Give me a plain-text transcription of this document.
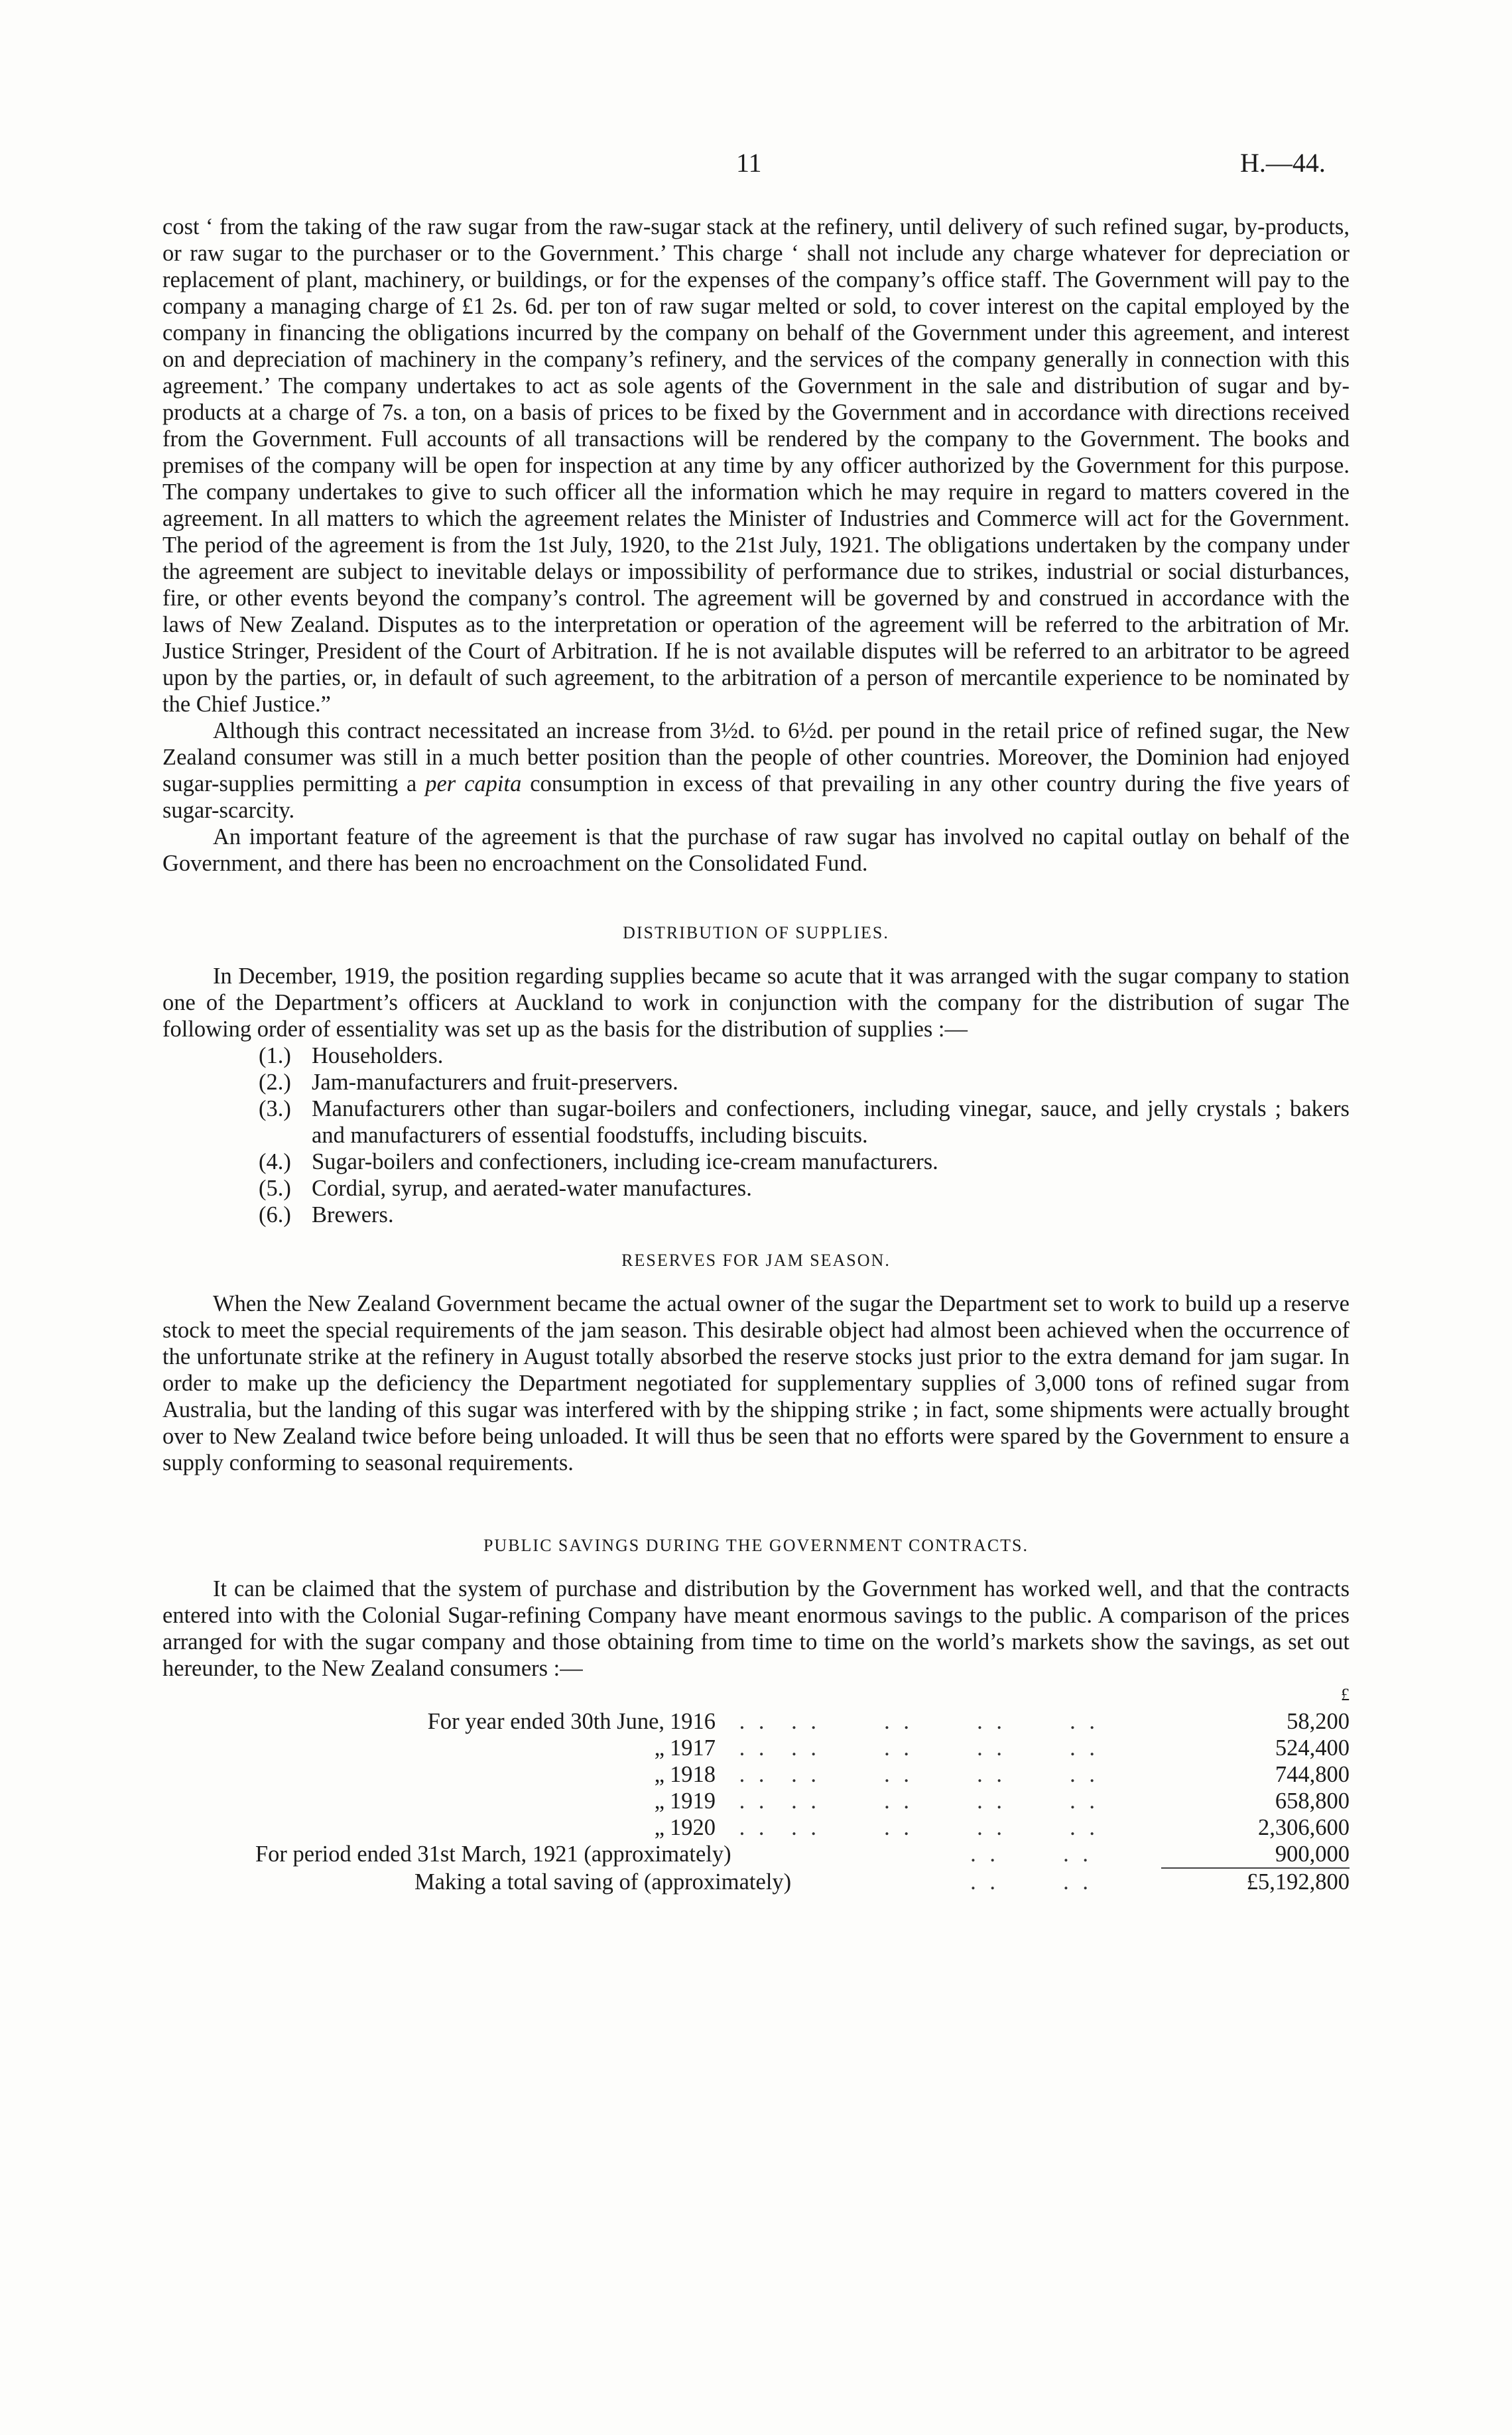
11	H.—44.

cost ‘ from the taking of the raw sugar from the raw-sugar stack at the refinery, until delivery of such refined sugar, by-products, or raw sugar to the purchaser or to the Government.’ This charge ‘ shall not include any charge whatever for depreciation or replacement of plant, machinery, or buildings, or for the expenses of the company’s office staff. The Government will pay to the company a managing charge of £1 2s. 6d. per ton of raw sugar melted or sold, to cover interest on the capital employed by the company in financing the obligations incurred by the company on behalf of the Government under this agreement, and interest on and depreciation of machinery in the company’s refinery, and the services of the company generally in connection with this agreement.’ The company undertakes to act as sole agents of the Government in the sale and distribution of sugar and by-products at a charge of 7s. a ton, on a basis of prices to be fixed by the Government and in accordance with directions received from the Government. Full accounts of all transactions will be rendered by the company to the Government. The books and premises of the company will be open for inspection at any time by any officer authorized by the Government for this purpose. The company undertakes to give to such officer all the information which he may require in regard to matters covered in the agreement. In all matters to which the agreement relates the Minister of Industries and Commerce will act for the Government. The period of the agreement is from the 1st July, 1920, to the 21st July, 1921. The obligations undertaken by the company under the agreement are subject to inevitable delays or impossibility of performance due to strikes, industrial or social disturbances, fire, or other events beyond the company’s control. The agreement will be governed by and construed in accordance with the laws of New Zealand. Disputes as to the interpretation or operation of the agreement will be referred to the arbitration of Mr. Justice Stringer, President of the Court of Arbitration. If he is not available disputes will be referred to an arbitrator to be agreed upon by the parties, or, in default of such agreement, to the arbitration of a person of mercantile experience to be nominated by the Chief Justice.”

Although this contract necessitated an increase from 3½d. to 6½d. per pound in the retail price of refined sugar, the New Zealand consumer was still in a much better position than the people of other countries. Moreover, the Dominion had enjoyed sugar-supplies permitting a per capita consumption in excess of that prevailing in any other country during the five years of sugar-scarcity.

An important feature of the agreement is that the purchase of raw sugar has involved no capital outlay on behalf of the Government, and there has been no encroachment on the Consolidated Fund.

DISTRIBUTION OF SUPPLIES.

In December, 1919, the position regarding supplies became so acute that it was arranged with the sugar company to station one of the Department’s officers at Auckland to work in conjunction with the company for the distribution of sugar The following order of essentiality was set up as the basis for the distribution of supplies :—

(1.) Householders.
(2.) Jam-manufacturers and fruit-preservers.
(3.) Manufacturers other than sugar-boilers and confectioners, including vinegar, sauce, and jelly crystals ; bakers and manufacturers of essential foodstuffs, including biscuits.
(4.) Sugar-boilers and confectioners, including ice-cream manufacturers.
(5.) Cordial, syrup, and aerated-water manufactures.
(6.) Brewers.
RESERVES FOR JAM SEASON.

When the New Zealand Government became the actual owner of the sugar the Department set to work to build up a reserve stock to meet the special requirements of the jam season. This desirable object had almost been achieved when the occurrence of the unfortunate strike at the refinery in August totally absorbed the reserve stocks just prior to the extra demand for jam sugar. In order to make up the deficiency the Department negotiated for supplementary supplies of 3,000 tons of refined sugar from Australia, but the landing of this sugar was interfered with by the shipping strike ; in fact, some shipments were actually brought over to New Zealand twice before being unloaded. It will thus be seen that no efforts were spared by the Government to ensure a supply conforming to seasonal requirements.

PUBLIC SAVINGS DURING THE GOVERNMENT CONTRACTS.

It can be claimed that the system of purchase and distribution by the Government has worked well, and that the contracts entered into with the Colonial Sugar-refining Company have meant enormous savings to the public. A comparison of the prices arranged for with the sugar company and those obtaining from time to time on the world’s markets show the savings, as set out hereunder, to the New Zealand consumers :—

				£
For year ended 30th June,	1916	. .	. . . . . . . .	58,200
„	1917	. .	. . . . . . . .	524,400
„	1918	. .	. . . . . . . .	744,800
„	1919	. .	. . . . . . . .	658,800
„	1920	. .	. . . . . . . .	2,306,600
For period ended 31st March, 1921 (approximately)			. . . .	900,000

Making a total saving of (approximately)			. . . .	£5,192,800
